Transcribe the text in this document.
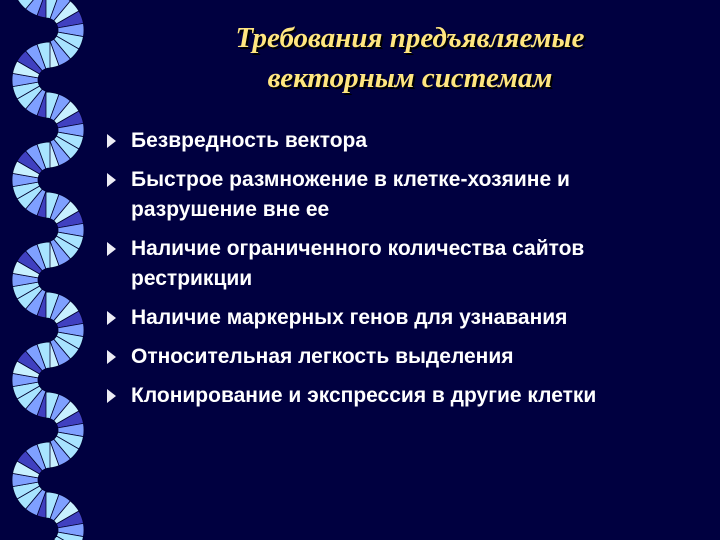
Требования предъявляемые
векторным системам
Безвредность вектора
Быстрое размножение в клетке-хозяине и разрушение вне ее
Наличие ограниченного количества сайтов рестрикции
Наличие маркерных генов для узнавания
Относительная легкость выделения
Клонирование и экспрессия в другие клетки
